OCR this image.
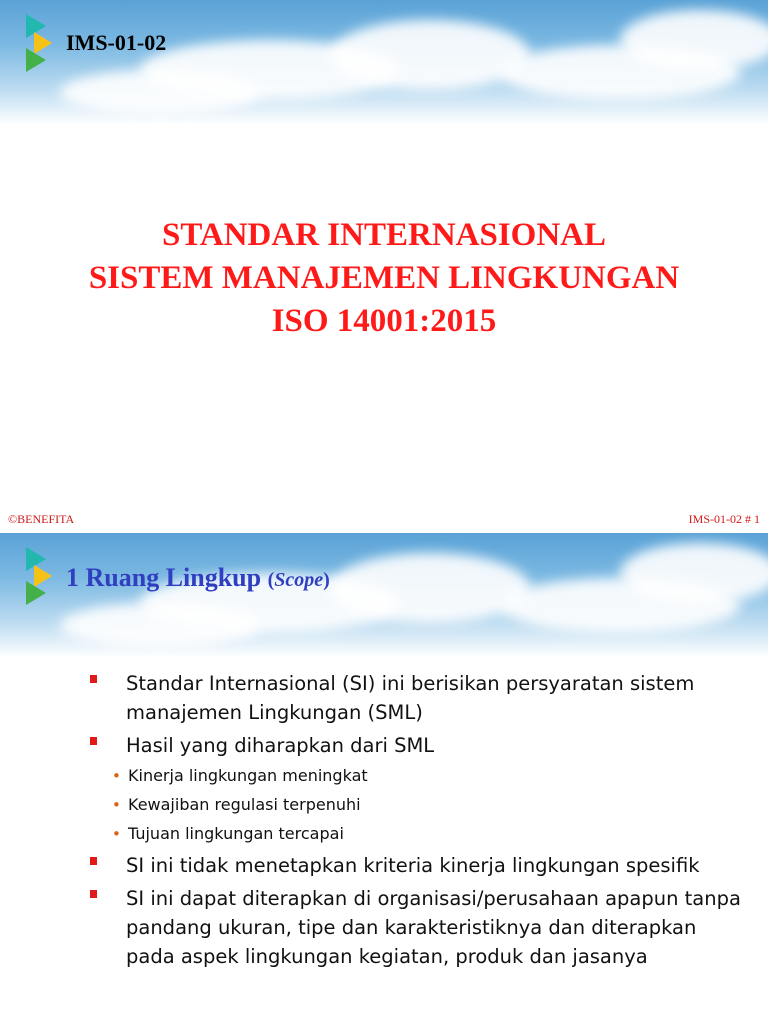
IMS-01-02
STANDAR INTERNASIONAL
SISTEM MANAJEMEN LINGKUNGAN
ISO 14001:2015
©BENEFITA	IMS-01-02 # 1
1 Ruang Lingkup (Scope)
Standar Internasional (SI) ini berisikan persyaratan sistem manajemen Lingkungan (SML)
Hasil yang diharapkan dari SML
• Kinerja lingkungan meningkat
• Kewajiban regulasi terpenuhi
• Tujuan lingkungan tercapai
SI ini tidak menetapkan kriteria kinerja lingkungan spesifik
SI ini dapat diterapkan di organisasi/perusahaan apapun tanpa pandang ukuran, tipe dan karakteristiknya dan diterapkan pada aspek lingkungan kegiatan, produk dan jasanya
